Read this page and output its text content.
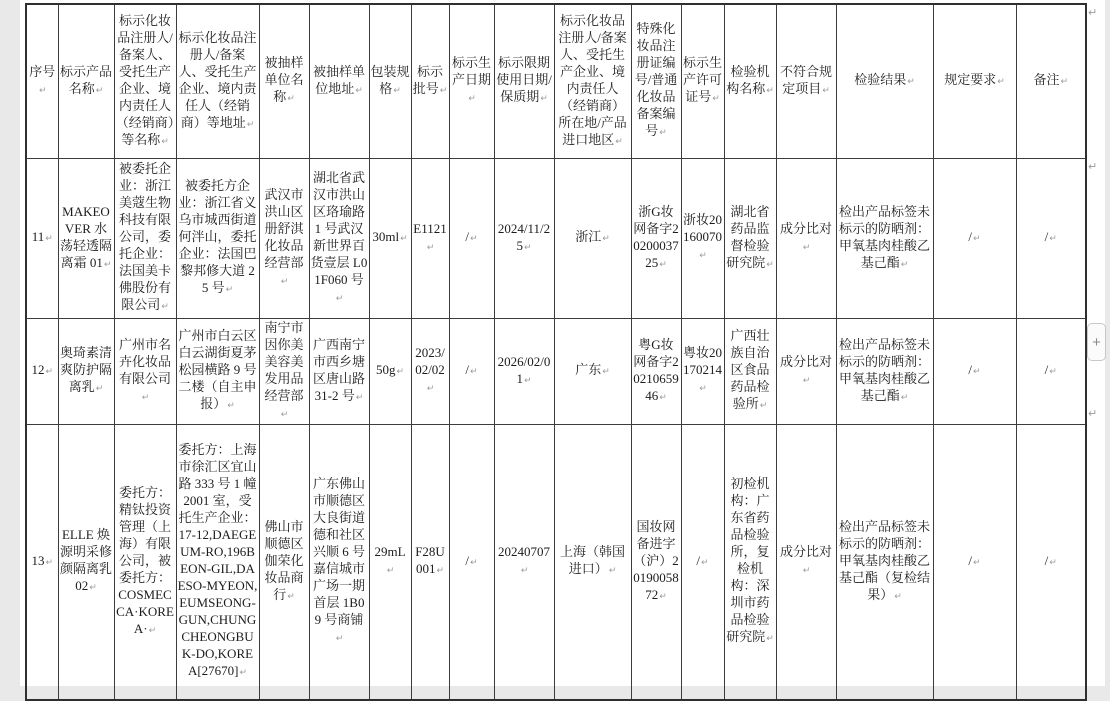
序号↵	标示产品名称↵	标示化妆品注册人/备案人、受托生产企业、境内责任人（经销商）等名称↵	标示化妆品注册人/备案人、受托生产企业、境内责任人（经销商）等地址↵	被抽样单位名称↵	被抽样单位地址↵	包装规格↵	标示批号↵	标示生产日期↵	标示限期使用日期/保质期↵	标示化妆品注册人/备案人、受托生产企业、境内责任人（经销商）所在地/产品进口地区↵	特殊化妆品注册证编号/普通化妆品备案编号↵	标示生产许可证号↵	检验机构名称↵	不符合规定项目↵	检验结果↵	规定要求↵	备注↵
11↵	MAKEOVER 水荡轻透隔离霜 01↵	被委托企业：浙江美蔻生物科技有限公司，委托企业：法国美卡佛股份有限公司↵	被委托方企业：浙江省义乌市城西街道何泮山，委托企业：法国巴黎邦修大道 25 号↵	武汉市洪山区册舒淇化妆品经营部↵	湖北省武汉市洪山区珞瑜路 1 号武汉新世界百货壹层 L01F060 号↵	30ml↵	E1121↵	/↵	2024/11/25↵	浙江↵	浙G妆网备字2020003725↵	浙妆20160070↵	湖北省药品监督检验研究院↵	成分比对↵	检出产品标签未标示的防晒剂：甲氧基肉桂酸乙基己酯↵	/↵	/↵
12↵	奥琦素清爽防护隔离乳↵	广州市名卉化妆品有限公司↵	广州市白云区白云湖街夏茅松园横路 9 号二楼（自主申报）↵	南宁市因你美美容美发用品经营部↵	广西南宁市西乡塘区唐山路 31-2 号↵	50g↵	2023/02/02↵	/↵	2026/02/01↵	广东↵	粤G妆网备字2021065946↵	粤妆20170214↵	广西壮族自治区食品药品检验所↵	成分比对↵	检出产品标签未标示的防晒剂：甲氧基肉桂酸乙基己酯↵	/↵	/↵
13↵	ELLE 焕源明采修颜隔离乳 02↵	委托方：精钛投资管理（上海）有限公司，被委托方：COSMECCA·KOREA·↵	委托方：上海市徐汇区宜山路 333 号 1 幢 2001 室，受托生产企业：17-12,DAEGEUM-RO,196BEON-GIL,DAESO-MYEON,EUMSEONG-GUN,CHUNGCHEONGBUK-DO,KOREA[27670]↵	佛山市顺德区伽荣化妆品商行↵	广东佛山市顺德区大良街道德和社区兴顺 6 号嘉信城市广场一期首层 1B09 号商铺↵	29mL↵	F28U001↵	/↵	20240707↵	上海（韩国进口）↵	国妆网备进字（沪）2019005872↵	/↵	初检机构：广东省药品检验所，复检机构：深圳市药品检验研究院↵	成分比对↵	检出产品标签未标示的防晒剂：甲氧基肉桂酸乙基己酯（复检结果）↵	/↵	/↵
↵
↵
↵
+
